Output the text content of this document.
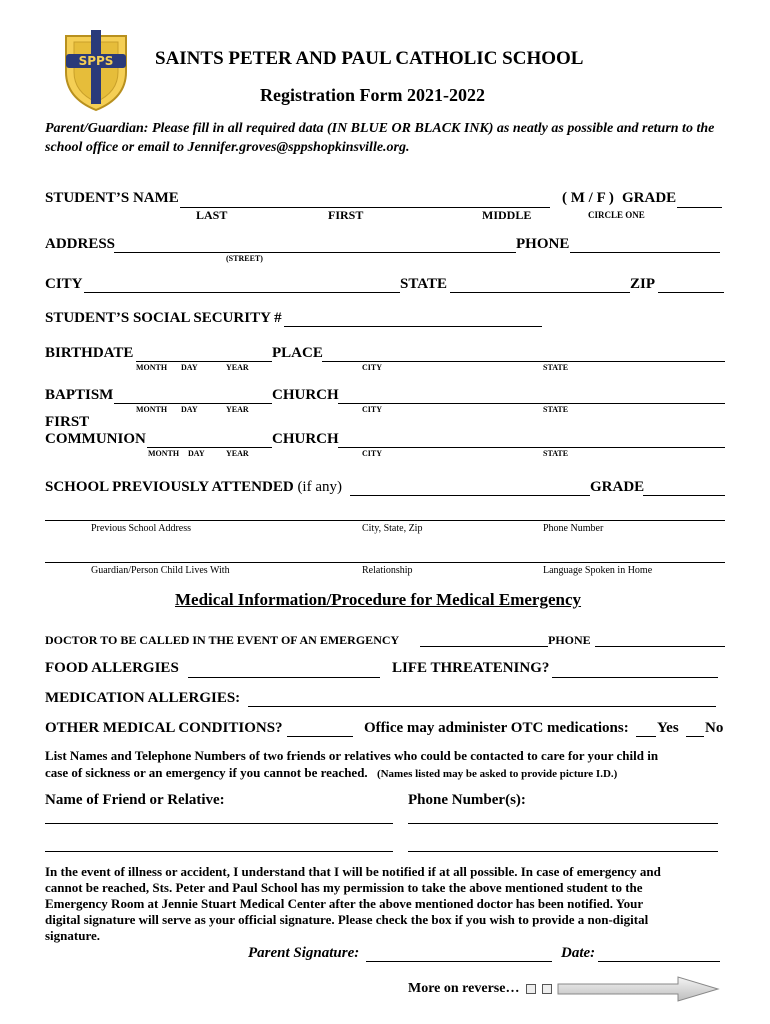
SPPS SAINTS PETER AND PAUL CATHOLIC SCHOOL
Registration Form 2021-2022
Parent/Guardian: Please fill in all required data (IN BLUE OR BLACK INK) as neatly as possible and return to the school office or email to Jennifer.groves@sppshopkinsville.org.
STUDENT’S NAME	( M / F ) GRADE
LAST	FIRST	MIDDLE	CIRCLE ONE
ADDRESS	PHONE
(STREET)
CITY	STATE	ZIP
STUDENT’S SOCIAL SECURITY #
BIRTHDATE	PLACE
MONTH DAY	YEAR	CITY	STATE
BAPTISM	CHURCH
MONTH DAY	YEAR	CITY	STATE
FIRST
COMMUNION	CHURCH
MONTH DAY	YEAR	CITY	STATE
SCHOOL PREVIOUSLY ATTENDED (if any)	GRADE
Previous School Address	City, State, Zip	Phone Number
Guardian/Person Child Lives With	Relationship	Language Spoken in Home
Medical Information/Procedure for Medical Emergency
DOCTOR TO BE CALLED IN THE EVENT OF AN EMERGENCY	PHONE
FOOD ALLERGIES	LIFE THREATENING?
MEDICATION ALLERGIES:
OTHER MEDICAL CONDITIONS?	Office may administer OTC medications: Yes No
List Names and Telephone Numbers of two friends or relatives who could be contacted to care for your child in
case of sickness or an emergency if you cannot be reached. (Names listed may be asked to provide picture I.D.)
Name of Friend or Relative:	Phone Number(s):
In the event of illness or accident, I understand that I will be notified if at all possible. In case of emergency and
cannot be reached, Sts. Peter and Paul School has my permission to take the above mentioned student to the
Emergency Room at Jennie Stuart Medical Center after the above mentioned doctor has been notified. Your
digital signature will serve as your official signature. Please check the box if you wish to provide a non-digital
signature.
Parent Signature:	Date:
More on reverse…
